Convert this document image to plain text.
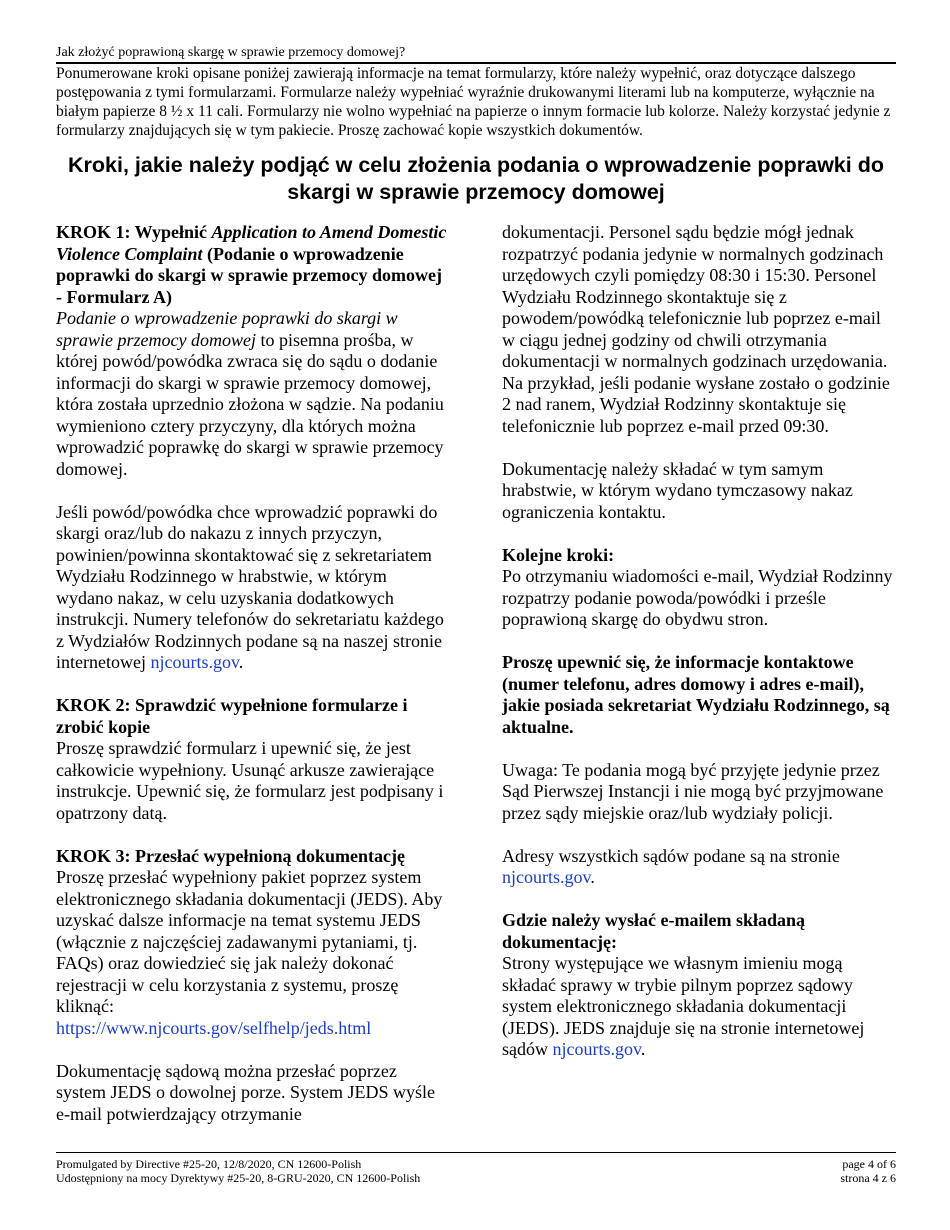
Jak złożyć poprawioną skargę w sprawie przemocy domowej?
Ponumerowane kroki opisane poniżej zawierają informacje na temat formularzy, które należy wypełnić, oraz dotyczące dalszego postępowania z tymi formularzami. Formularze należy wypełniać wyraźnie drukowanymi literami lub na komputerze, wyłącznie na białym papierze 8 ½ x 11 cali. Formularzy nie wolno wypełniać na papierze o innym formacie lub kolorze. Należy korzystać jedynie z formularzy znajdujących się w tym pakiecie. Proszę zachować kopie wszystkich dokumentów.
Kroki, jakie należy podjąć w celu złożenia podania o wprowadzenie poprawki do skargi w sprawie przemocy domowej

KROK 1: Wypełnić Application to Amend Domestic Violence Complaint (Podanie o wprowadzenie poprawki do skargi w sprawie przemocy domowej - Formularz A)

Podanie o wprowadzenie poprawki do skargi w sprawie przemocy domowej to pisemna prośba, w której powód/powódka zwraca się do sądu o dodanie informacji do skargi w sprawie przemocy domowej, która została uprzednio złożona w sądzie. Na podaniu wymieniono cztery przyczyny, dla których można wprowadzić poprawkę do skargi w sprawie przemocy domowej.

Jeśli powód/powódka chce wprowadzić poprawki do skargi oraz/lub do nakazu z innych przyczyn, powinien/powinna skontaktować się z sekretariatem Wydziału Rodzinnego w hrabstwie, w którym wydano nakaz, w celu uzyskania dodatkowych instrukcji. Numery telefonów do sekretariatu każdego z Wydziałów Rodzinnych podane są na naszej stronie internetowej njcourts.gov.

KROK 2: Sprawdzić wypełnione formularze i zrobić kopie

Proszę sprawdzić formularz i upewnić się, że jest całkowicie wypełniony. Usunąć arkusze zawierające instrukcje. Upewnić się, że formularz jest podpisany i opatrzony datą.

KROK 3: Przesłać wypełnioną dokumentację

Proszę przesłać wypełniony pakiet poprzez system elektronicznego składania dokumentacji (JEDS). Aby uzyskać dalsze informacje na temat systemu JEDS (włącznie z najczęściej zadawanymi pytaniami, tj. FAQs) oraz dowiedzieć się jak należy dokonać rejestracji w celu korzystania z systemu, proszę kliknąć:

https://www.njcourts.gov/selfhelp/jeds.html

Dokumentację sądową można przesłać poprzez system JEDS o dowolnej porze. System JEDS wyśle e-mail potwierdzający otrzymanie

dokumentacji. Personel sądu będzie mógł jednak rozpatrzyć podania jedynie w normalnych godzinach urzędowych czyli pomiędzy 08:30 i 15:30. Personel Wydziału Rodzinnego skontaktuje się z powodem/powódką telefonicznie lub poprzez e-mail w ciągu jednej godziny od chwili otrzymania dokumentacji w normalnych godzinach urzędowania. Na przykład, jeśli podanie wysłane zostało o godzinie 2 nad ranem, Wydział Rodzinny skontaktuje się telefonicznie lub poprzez e-mail przed 09:30.

Dokumentację należy składać w tym samym hrabstwie, w którym wydano tymczasowy nakaz ograniczenia kontaktu.

Kolejne kroki:

Po otrzymaniu wiadomości e-mail, Wydział Rodzinny rozpatrzy podanie powoda/powódki i prześle poprawioną skargę do obydwu stron.

Proszę upewnić się, że informacje kontaktowe (numer telefonu, adres domowy i adres e-mail), jakie posiada sekretariat Wydziału Rodzinnego, są aktualne.

Uwaga: Te podania mogą być przyjęte jedynie przez Sąd Pierwszej Instancji i nie mogą być przyjmowane przez sądy miejskie oraz/lub wydziały policji.

Adresy wszystkich sądów podane są na stronie njcourts.gov.

Gdzie należy wysłać e-mailem składaną dokumentację:

Strony występujące we własnym imieniu mogą składać sprawy w trybie pilnym poprzez sądowy system elektronicznego składania dokumentacji (JEDS). JEDS znajduje się na stronie internetowej sądów njcourts.gov.

Promulgated by Directive #25-20, 12/8/2020, CN 12600-Polish
Udostępniony na mocy Dyrektywy #25-20, 8-GRU-2020, CN 12600-Polish
page 4 of 6
strona 4 z 6
